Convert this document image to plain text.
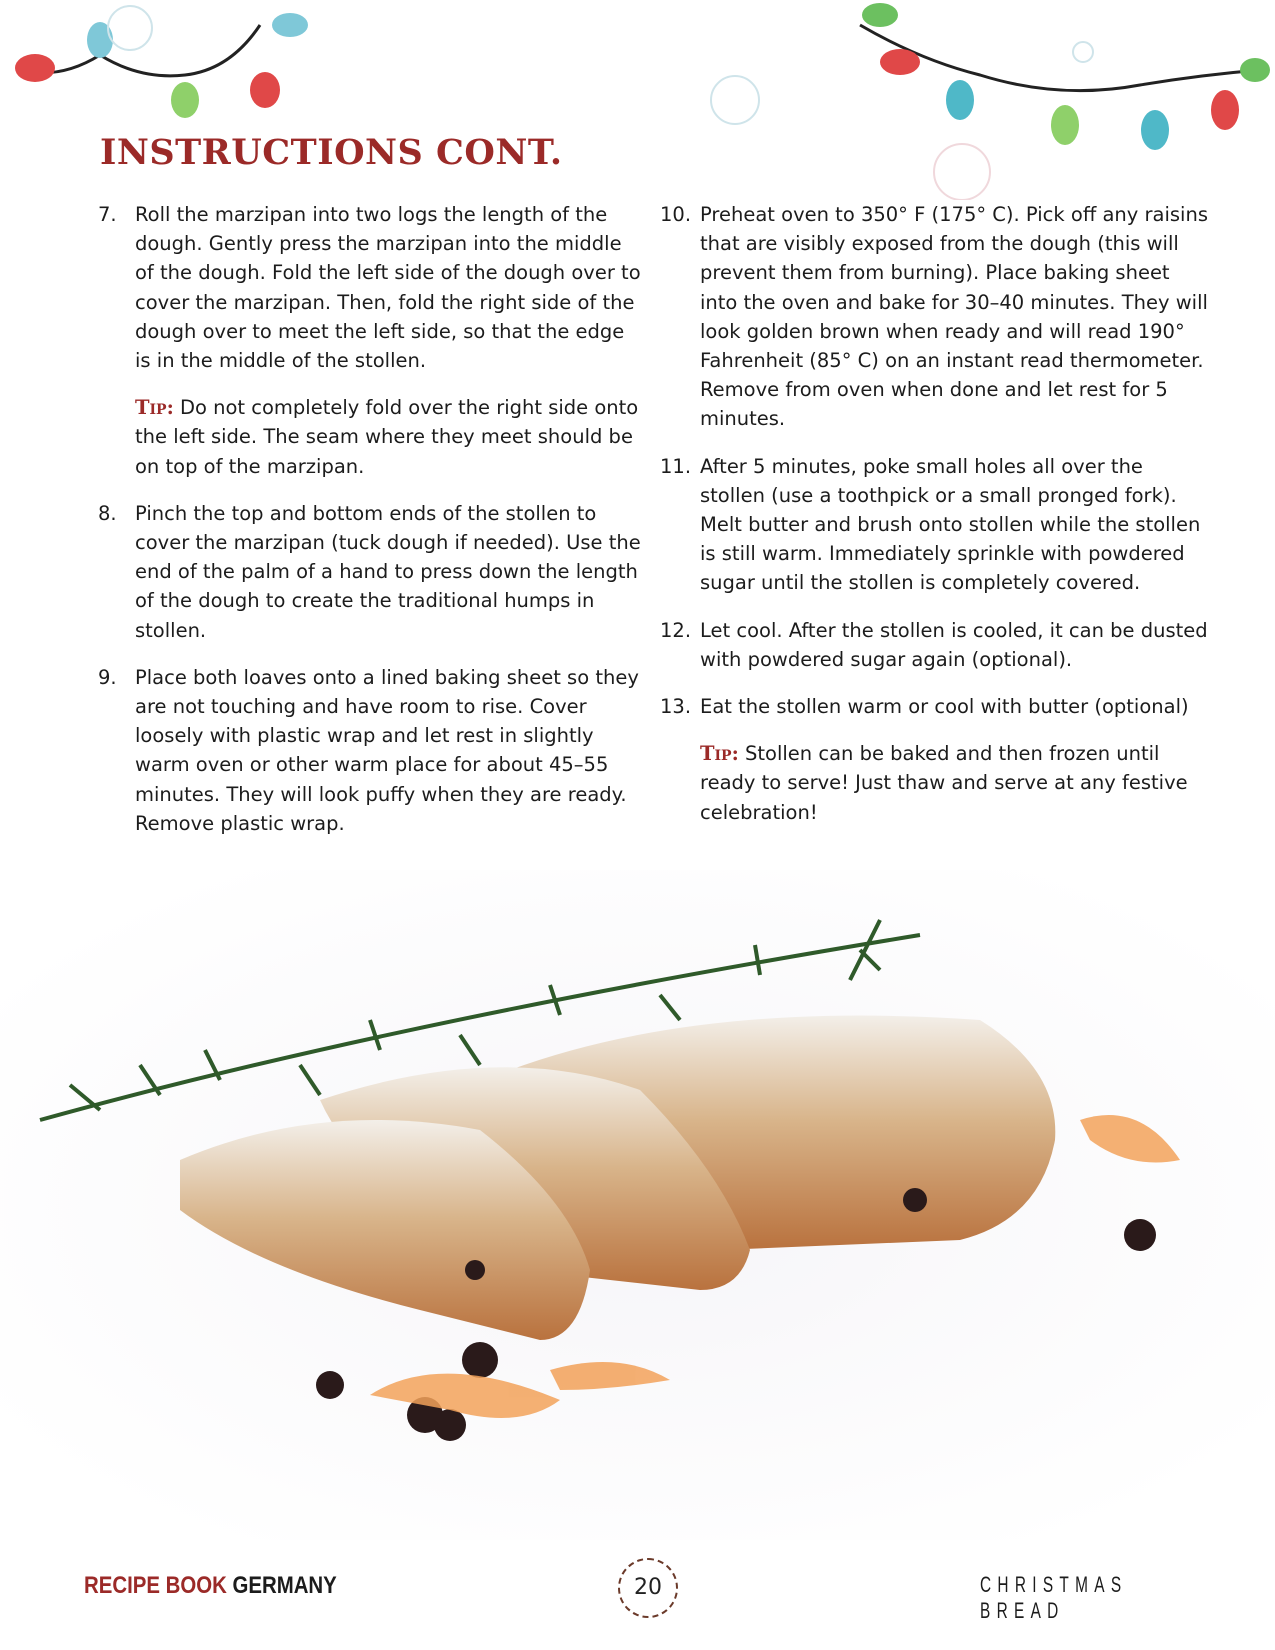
INSTRUCTIONS CONT.
7. Roll the marzipan into two logs the length of the dough. Gently press the marzipan into the middle of the dough. Fold the left side of the dough over to cover the marzipan. Then, fold the right side of the dough over to meet the left side, so that the edge is in the middle of the stollen.
Tip: Do not completely fold over the right side onto the left side. The seam where they meet should be on top of the marzipan.
8. Pinch the top and bottom ends of the stollen to cover the marzipan (tuck dough if needed). Use the end of the palm of a hand to press down the length of the dough to create the traditional humps in stollen.
9. Place both loaves onto a lined baking sheet so they are not touching and have room to rise. Cover loosely with plastic wrap and let rest in slightly warm oven or other warm place for about 45–55 minutes. They will look puffy when they are ready. Remove plastic wrap.
10. Preheat oven to 350° F (175° C). Pick off any raisins that are visibly exposed from the dough (this will prevent them from burning). Place baking sheet into the oven and bake for 30–40 minutes. They will look golden brown when ready and will read 190° Fahrenheit (85° C) on an instant read thermometer. Remove from oven when done and let rest for 5 minutes.
11. After 5 minutes, poke small holes all over the stollen (use a toothpick or a small pronged fork). Melt butter and brush onto stollen while the stollen is still warm. Immediately sprinkle with powdered sugar until the stollen is completely covered.
12. Let cool. After the stollen is cooled, it can be dusted with powdered sugar again (optional).
13. Eat the stollen warm or cool with butter (optional)
Tip: Stollen can be baked and then frozen until ready to serve! Just thaw and serve at any festive celebration!
RECIPE BOOK GERMANY	20	CHRISTMAS BREAD
